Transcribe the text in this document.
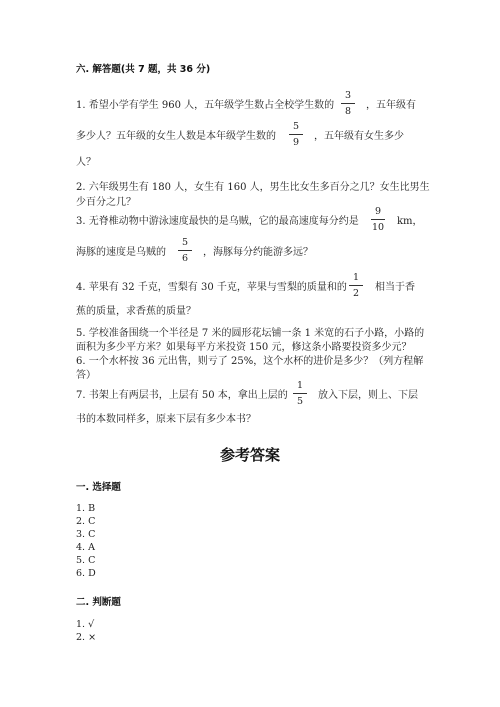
六. 解答题(共 7 题，共 36 分)
1. 希望小学有学生 960 人，五年级学生数占全校学生数的
3
8
，五年级有
多少人？五年级的女生人数是本年级学生数的
5
9
，五年级有女生多少
人？
2. 六年级男生有 180 人，女生有 160 人，男生比女生多百分之几？女生比男生
少百分之几？
3. 无脊椎动物中游泳速度最快的是乌贼，它的最高速度每分约是
9
10
km，
海豚的速度是乌贼的
5
6
，海豚每分约能游多远？
4. 苹果有 32 千克，雪梨有 30 千克，苹果与雪梨的质量和的
1
2
相当于香
蕉的质量，求香蕉的质量？
5. 学校准备围绕一个半径是 7 米的圆形花坛铺一条 1 米宽的石子小路，小路的
面积为多少平方米？如果每平方米投资 150 元，修这条小路要投资多少元？
6. 一个水杯按 36 元出售，则亏了 25%，这个水杯的进价是多少？（列方程解
答）
7. 书架上有两层书，上层有 50 本，拿出上层的
1
5
放入下层，则上、下层
书的本数同样多，原来下层有多少本书？
参考答案
一. 选择题
1. B
2. C
3. C
4. A
5. C
6. D
二. 判断题
1. √
2. ×
